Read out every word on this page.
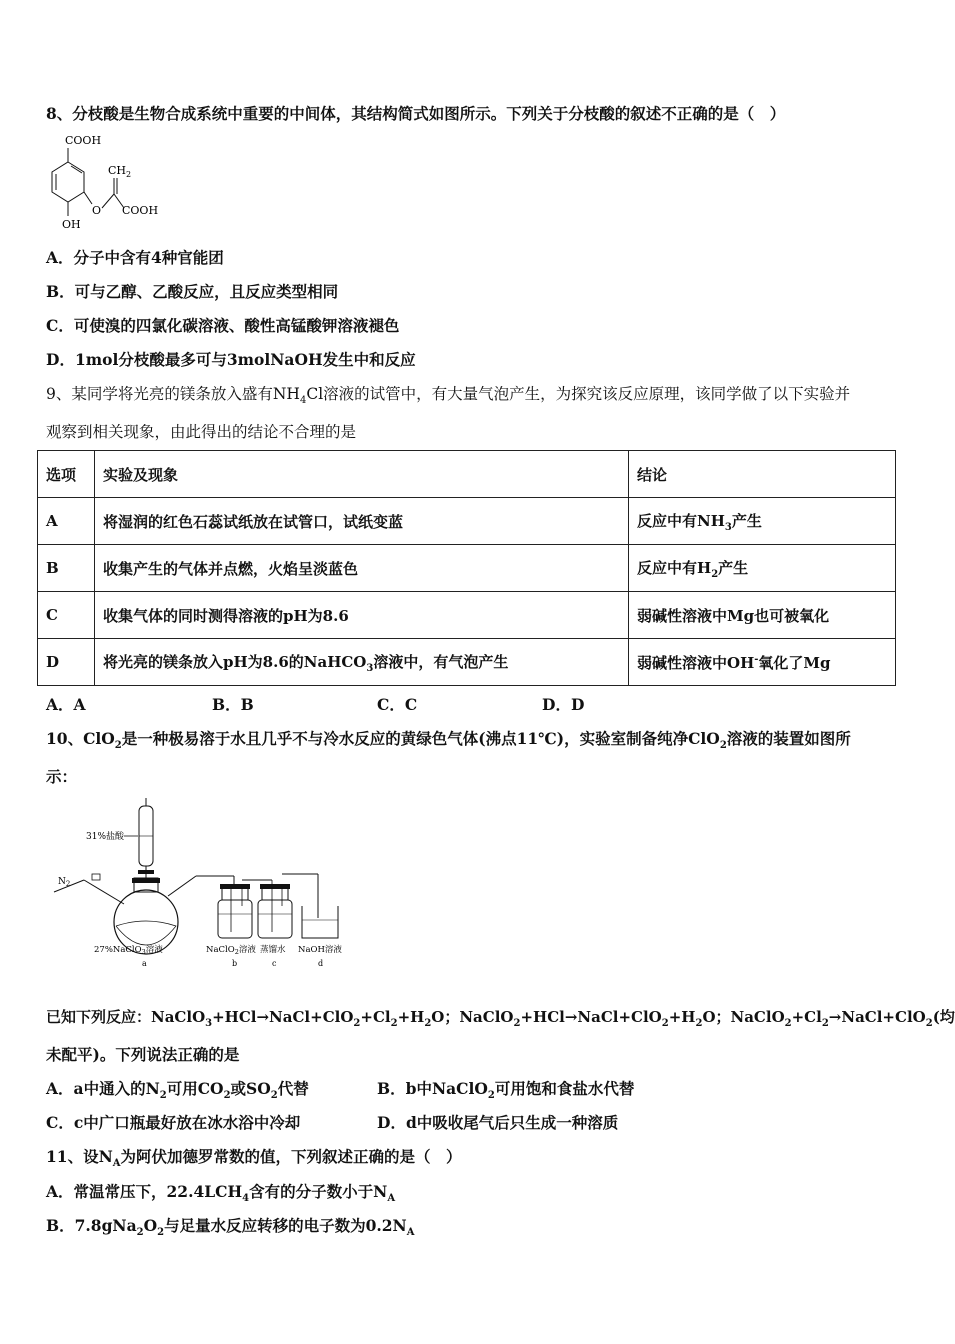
8、分枝酸是生物合成系统中重要的中间体，其结构简式如图所示。下列关于分枝酸的叙述不正确的是（　）
COOH
O
$CH_2$
COOH
OH
A．分子中含有4种官能团
B．可与乙醇、乙酸反应，且反应类型相同
C．可使溴的四氯化碳溶液、酸性高锰酸钾溶液褪色
D．1mol分枝酸最多可与3molNaOH发生中和反应
9、某同学将光亮的镁条放入盛有$NH_4Cl$溶液的试管中，有大量气泡产生，为探究该反应原理，该同学做了以下实验并
观察到相关现象，由此得出的结论不合理的是
选项	实验及现象	结论
A	将湿润的红色石蕊试纸放在试管口，试纸变蓝	反应中有$NH_3$产生
B	收集产生的气体并点燃，火焰呈淡蓝色	反应中有$H_2$产生
C	收集气体的同时测得溶液的pH为8.6	弱碱性溶液中Mg也可被氧化
D	将光亮的镁条放入pH为8.6的NaHCO$_3$溶液中，有气泡产生	弱碱性溶液中OH-氧化了Mg
A．A	B．B	C．C	D．D
10、ClO$_2$是一种极易溶于水且几乎不与冷水反应的黄绿色气体(沸点11℃)，实验室制备纯净ClO$_2$溶液的装置如图所
示：
31%盐酸
$N_2$
27%NaClO$_3$溶液	NaClO$_2$溶液 蒸馏水 NaOH溶液
a	b	c	d
已知下列反应：$NaClO_3+HCl\to NaCl+ClO_2+Cl_2+H_2O$；$NaClO_2+HCl\to NaCl+ClO_2+H_2O$；$NaClO_2+Cl_2\to NaCl+ClO_2$(均
未配平)。下列说法正确的是
A．a中通入的$N_2$可用$CO_2$或$SO_2$代替	B．b中NaClO$_2$可用饱和食盐水代替
C．c中广口瓶最好放在冰水浴中冷却	D．d中吸收尾气后只生成一种溶质
11、设$N_A$为阿伏加德罗常数的值，下列叙述正确的是（　）
A．常温常压下，$22.4LCH_4$含有的分子数小于$N_A$
B．$7.8gNa_2O_2$与足量水反应转移的电子数为$0.2N_A$
